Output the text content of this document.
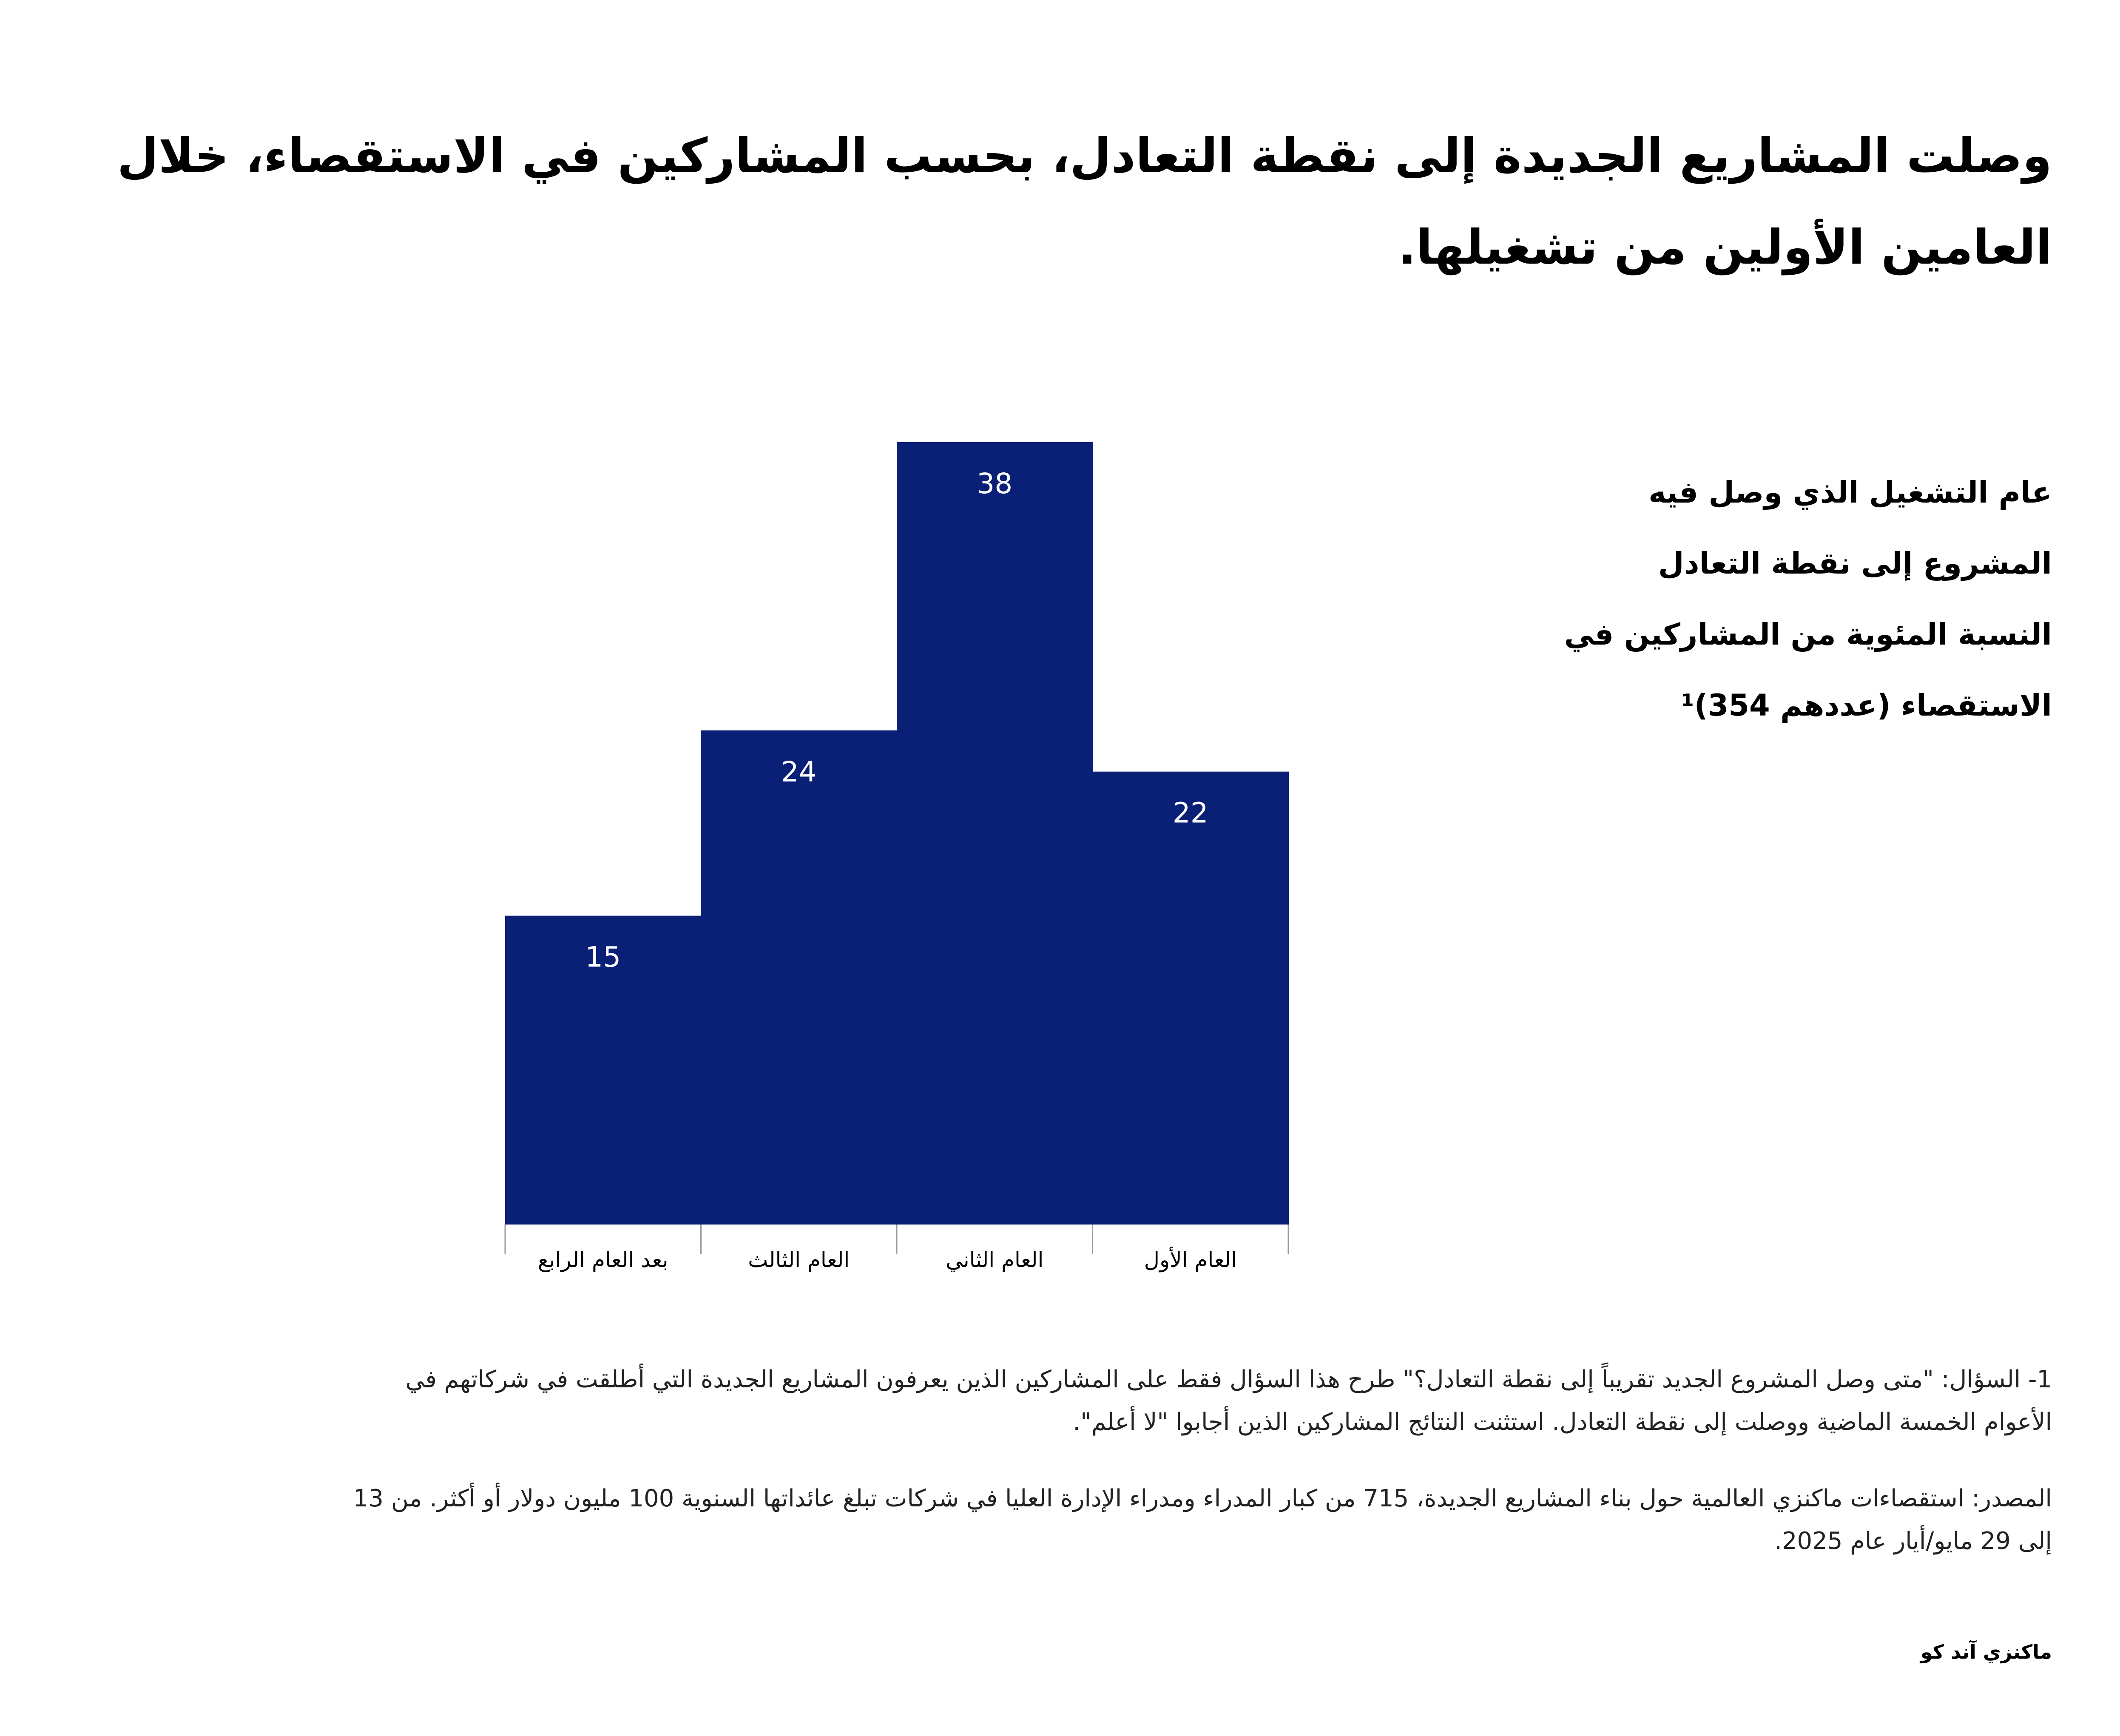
وصلت المشاريع الجديدة إلى نقطة التعادل، بحسب المشاركين في الاستقصاء، خلال العامين الأولين من تشغيلها.
عام التشغيل الذي وصل فيه
المشروع إلى نقطة التعادل
النسبة المئوية من المشاركين في
الاستقصاء (عددهم 354)¹
22
العام الأول
38
العام الثاني
24
العام الثالث
15
بعد العام الرابع

1- السؤال: "متى وصل المشروع الجديد تقريباً إلى نقطة التعادل؟" طرح هذا السؤال فقط على المشاركين الذين يعرفون المشاريع الجديدة التي أطلقت في شركاتهم في الأعوام الخمسة الماضية ووصلت إلى نقطة التعادل. استثنت النتائج المشاركين الذين أجابوا "لا أعلم".

المصدر: استقصاءات ماكنزي العالمية حول بناء المشاريع الجديدة، 715 من كبار المدراء ومدراء الإدارة العليا في شركات تبلغ عائداتها السنوية 100 مليون دولار أو أكثر. من 13 إلى 29 مايو/أيار عام 2025.

ماكنزي آند كو
